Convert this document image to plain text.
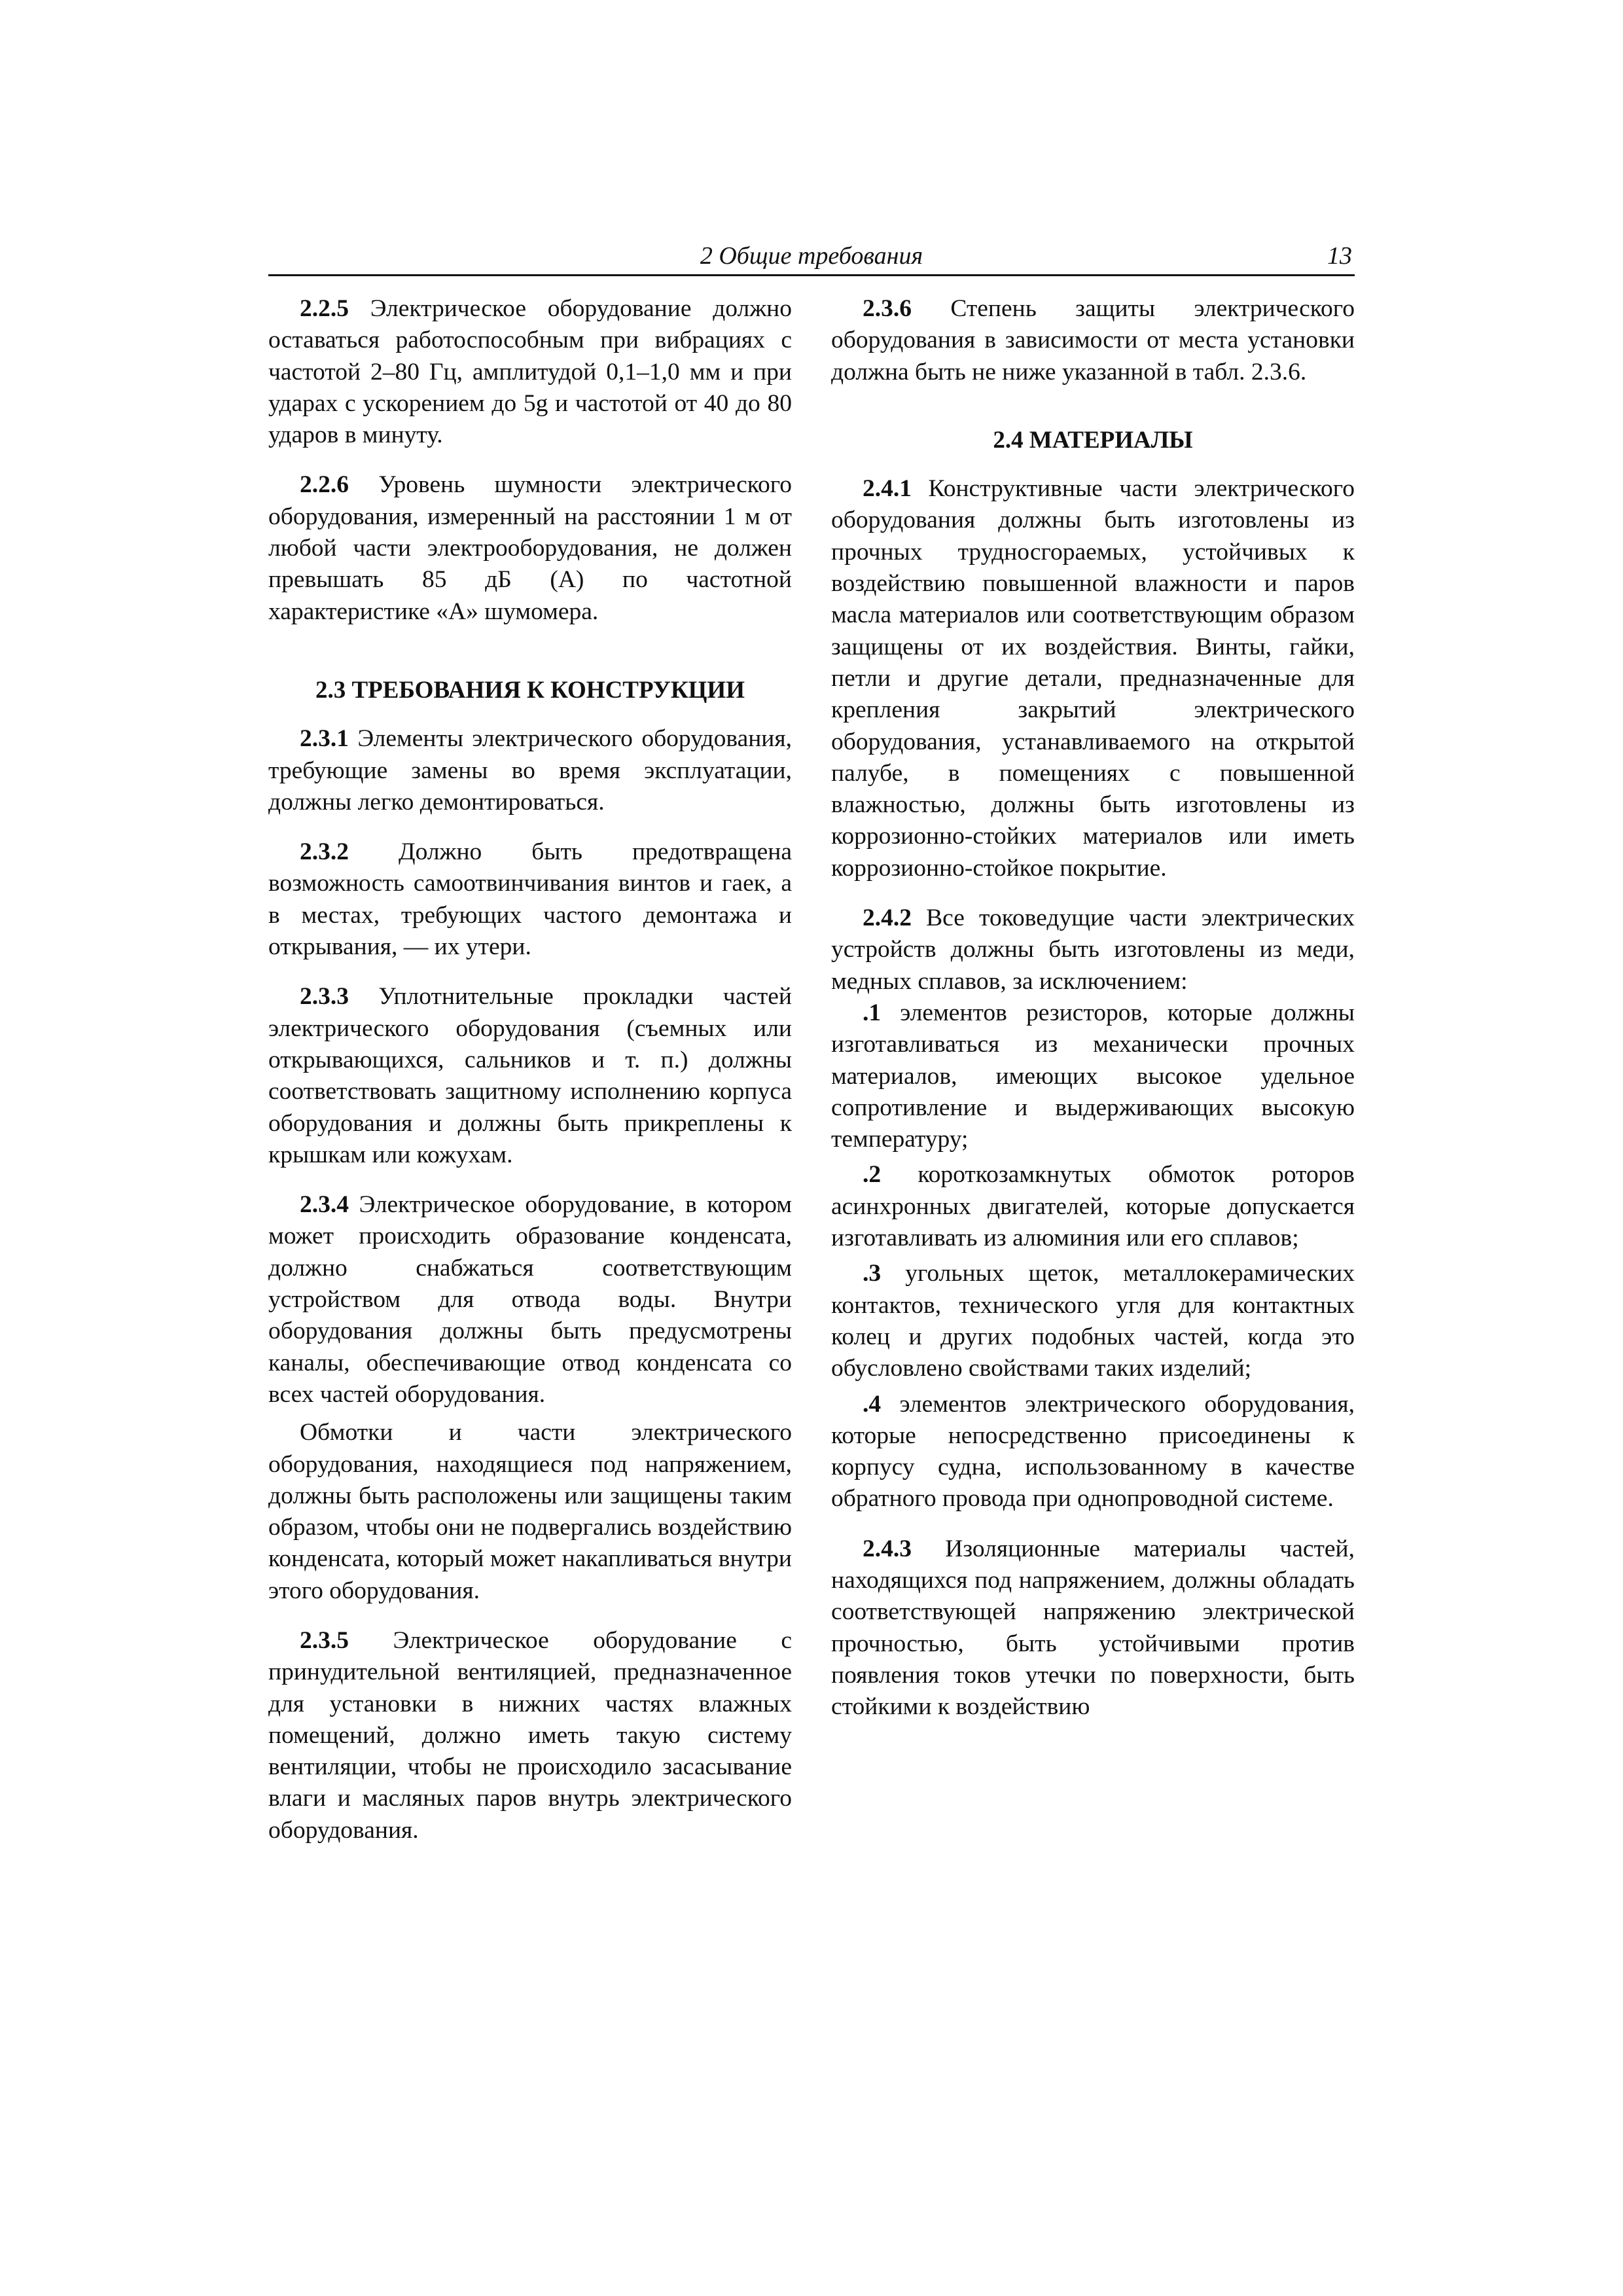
2 Общие требования	13

2.2.5 Электрическое оборудование должно оставаться работоспособным при вибрациях с частотой 2–80 Гц, амплитудой 0,1–1,0 мм и при ударах с ускорением до 5g и частотой от 40 до 80 ударов в минуту.

2.2.6 Уровень шумности электрического оборудования, измеренный на расстоянии 1 м от любой части электрооборудования, не должен превышать 85 дБ (А) по частотной характеристике «А» шумомера.

2.3 ТРЕБОВАНИЯ К КОНСТРУКЦИИ

2.3.1 Элементы электрического оборудования, требующие замены во время эксплуатации, должны легко демонтироваться.

2.3.2 Должно быть предотвращена возможность самоотвинчивания винтов и гаек, а в местах, требующих частого демонтажа и открывания, — их утери.

2.3.3 Уплотнительные прокладки частей электрического оборудования (съемных или открывающихся, сальников и т. п.) должны соответствовать защитному исполнению корпуса оборудования и должны быть прикреплены к крышкам или кожухам.

2.3.4 Электрическое оборудование, в котором может происходить образование конденсата, должно снабжаться соответствующим устройством для отвода воды. Внутри оборудования должны быть предусмотрены каналы, обеспечивающие отвод конденсата со всех частей оборудования.

Обмотки и части электрического оборудования, находящиеся под напряжением, должны быть расположены или защищены таким образом, чтобы они не подвергались воздействию конденсата, который может накапливаться внутри этого оборудования.

2.3.5 Электрическое оборудование с принудительной вентиляцией, предназначенное для установки в нижних частях влажных помещений, должно иметь такую систему вентиляции, чтобы не происходило засасывание влаги и масляных паров внутрь электрического оборудования.

2.3.6 Степень защиты электрического оборудования в зависимости от места установки должна быть не ниже указанной в табл. 2.3.6.

2.4 МАТЕРИАЛЫ

2.4.1 Конструктивные части электрического оборудования должны быть изготовлены из прочных трудносгораемых, устойчивых к воздействию повышенной влажности и паров масла материалов или соответствующим образом защищены от их воздействия. Винты, гайки, петли и другие детали, предназначенные для крепления закрытий электрического оборудования, устанавливаемого на открытой палубе, в помещениях с повышенной влажностью, должны быть изготовлены из коррозионно-стойких материалов или иметь коррозионно-стойкое покрытие.

2.4.2 Все токоведущие части электрических устройств должны быть изготовлены из меди, медных сплавов, за исключением:

.1 элементов резисторов, которые должны изготавливаться из механически прочных материалов, имеющих высокое удельное сопротивление и выдерживающих высокую температуру;

.2 короткозамкнутых обмоток роторов асинхронных двигателей, которые допускается изготавливать из алюминия или его сплавов;

.3 угольных щеток, металлокерамических контактов, технического угля для контактных колец и других подобных частей, когда это обусловлено свойствами таких изделий;

.4 элементов электрического оборудования, которые непосредственно присоединены к корпусу судна, использованному в качестве обратного провода при однопроводной системе.

2.4.3 Изоляционные материалы частей, находящихся под напряжением, должны обладать соответствующей напряжению электрической прочностью, быть устойчивыми против появления токов утечки по поверхности, быть стойкими к воздействию
